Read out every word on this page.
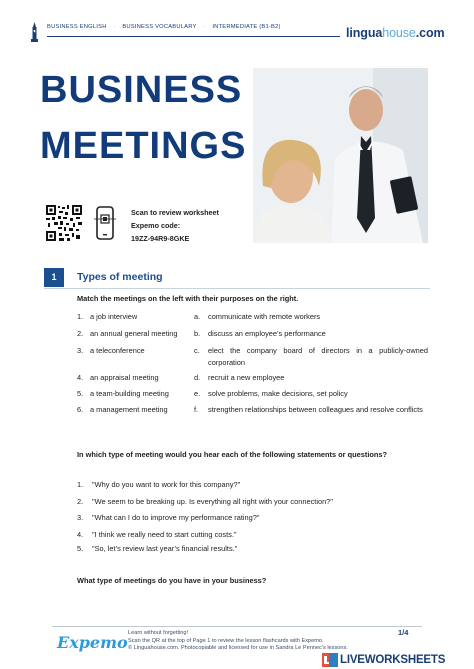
BUSINESS ENGLISH · BUSINESS VOCABULARY · INTERMEDIATE (B1-B2)	linguahouse.com
BUSINESS
MEETINGS
Scan to review worksheet
Expemo code:
19ZZ-94R9-8GKE
1	Types of meeting
Match the meetings on the left with their purposes on the right.
1. a job interview	a. communicate with remote workers
2. an annual general meeting b. discuss an employee’s performance
3. a teleconference	c. elect the company board of directors in a publicly-owned corporation
4. an appraisal meeting	d. recruit a new employee
5. a team-building meeting	e. solve problems, make decisions, set policy
6. a management meeting	f. strengthen relationships between colleagues and resolve conflicts
In which type of meeting would you hear each of the following statements or questions?
1. "Why do you want to work for this company?"
2. "We seem to be breaking up. Is everything all right with your connection?"
3. "What can I do to improve my performance rating?"
4. "I think we really need to start cutting costs."
5. "So, let’s review last year’s financial results."
What type of meetings do you have in your business?
Expemo Learn without forgetting!
Scan the QR at the top of Page 1 to review the lesson flashcards with Expemo.
© Linguahouse.com. Photocopiable and licensed for use in Sandra Le Pennec’s lessons.
1/4
LIVEWORKSHEETS
